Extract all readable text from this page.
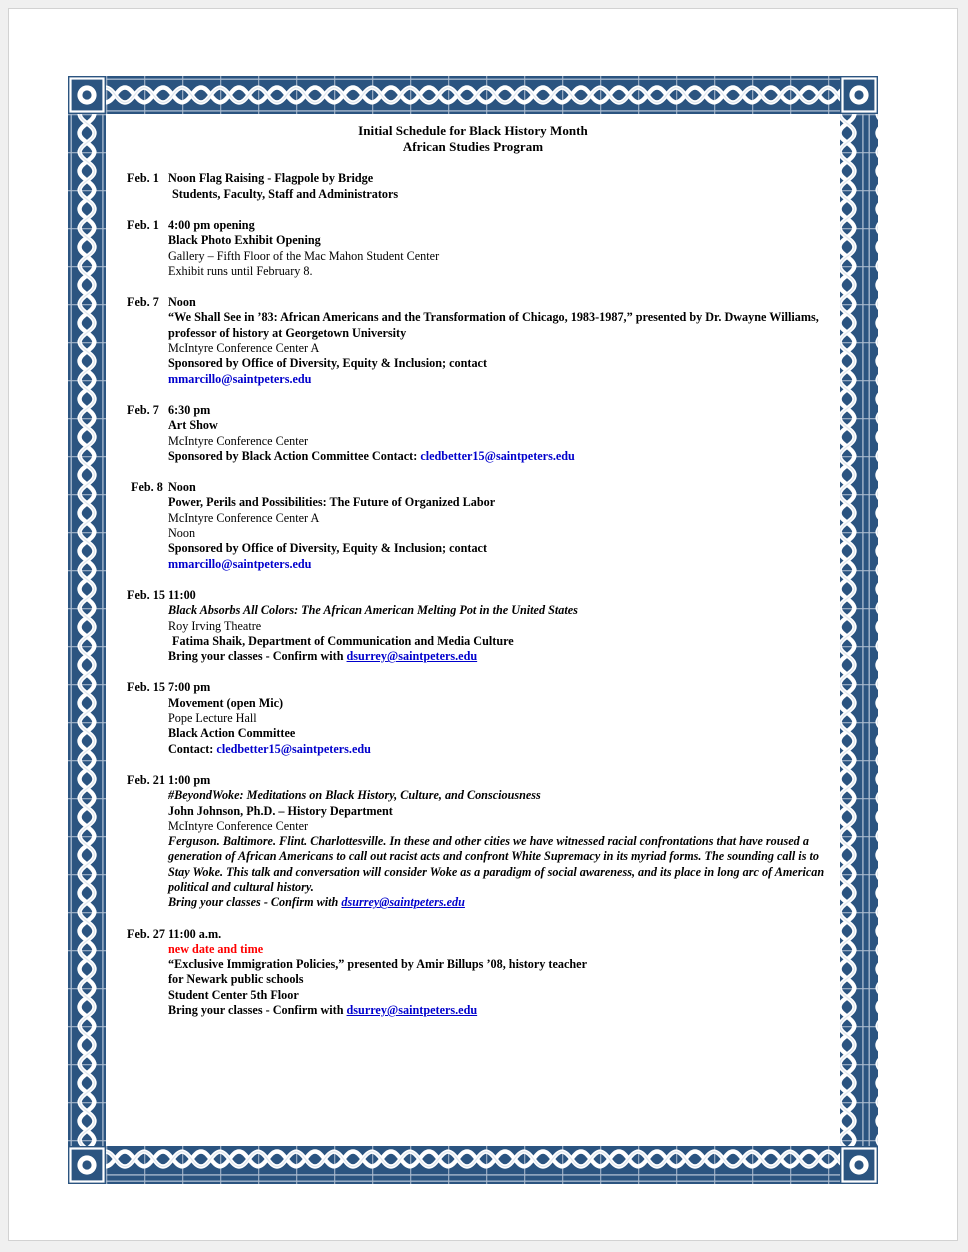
Initial Schedule for Black History Month
African Studies Program
Feb. 1 Noon Flag Raising - Flagpole by Bridge
Students, Faculty, Staff and Administrators
Feb. 1 4:00 pm opening
Black Photo Exhibit Opening
Gallery – Fifth Floor of the Mac Mahon Student Center
Exhibit runs until February 8.
Feb. 7 Noon
“We Shall See in ’83: African Americans and the Transformation of Chicago, 1983-1987,” presented by Dr. Dwayne Williams, professor of history at Georgetown University
McIntyre Conference Center A
Sponsored by Office of Diversity, Equity & Inclusion; contact
mmarcillo@saintpeters.edu
Feb. 7 6:30 pm
Art Show
McIntyre Conference Center
Sponsored by Black Action Committee Contact: cledbetter15@saintpeters.edu
Feb. 8 Noon
Power, Perils and Possibilities: The Future of Organized Labor
McIntyre Conference Center A
Noon
Sponsored by Office of Diversity, Equity & Inclusion; contact
mmarcillo@saintpeters.edu
Feb. 15 11:00
Black Absorbs All Colors: The African American Melting Pot in the United States
Roy Irving Theatre
Fatima Shaik, Department of Communication and Media Culture
Bring your classes - Confirm with dsurrey@saintpeters.edu
Feb. 15 7:00 pm
Movement (open Mic)
Pope Lecture Hall
Black Action Committee
Contact: cledbetter15@saintpeters.edu
Feb. 21 1:00 pm
#BeyondWoke: Meditations on Black History, Culture, and Consciousness
John Johnson, Ph.D. – History Department
McIntyre Conference Center
Ferguson. Baltimore. Flint. Charlottesville. In these and other cities we have witnessed racial confrontations that have roused a generation of African Americans to call out racist acts and confront White Supremacy in its myriad forms. The sounding call is to Stay Woke. This talk and conversation will consider Woke as a paradigm of social awareness, and its place in long arc of American political and cultural history.
Bring your classes - Confirm with dsurrey@saintpeters.edu
Feb. 27 11:00 a.m.
new date and time
“Exclusive Immigration Policies,” presented by Amir Billups ’08, history teacher
for Newark public schools
Student Center 5th Floor
Bring your classes - Confirm with dsurrey@saintpeters.edu
